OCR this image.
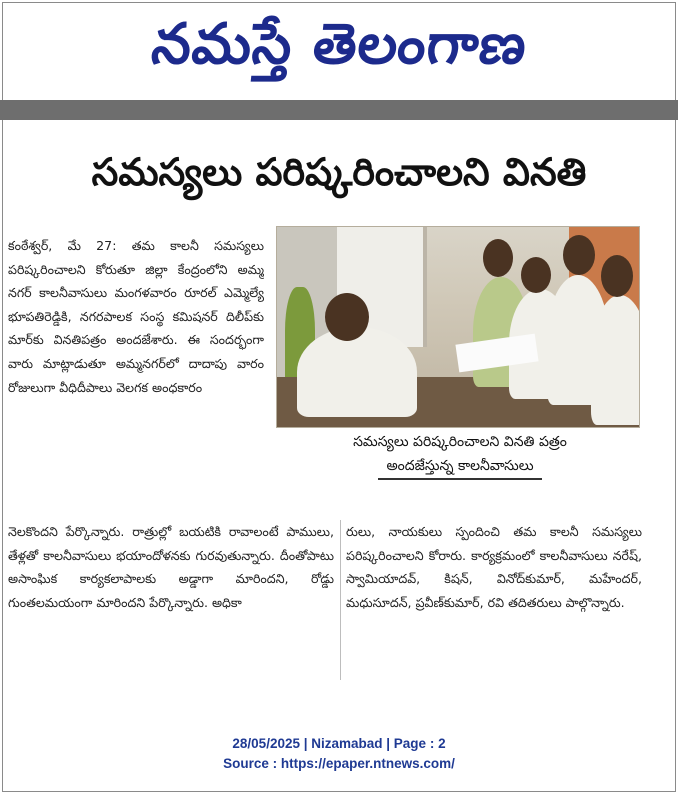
నమస్తే తెలంగాణ
సమస్యలు పరిష్కరించాలని వినతి
కంఠేశ్వర్, మే 27: తమ కాలనీ సమస్యలు పరిష్కరించాలని కోరుతూ జిల్లా కేంద్రంలోని అమ్మ నగర్ కాలనీవాసులు మంగళవారం రూరల్ ఎమ్మెల్యే భూపతిరెడ్డికి, నగరపాలక సంస్థ కమిషనర్ దిలీప్‌కు మార్‌కు వినతిపత్రం అందజేశారు. ఈ సందర్భంగా వారు మాట్లాడుతూ అమ్మనగర్‌లో దాదాపు వారం రోజులుగా వీధిదీపాలు వెలగక అంధకారం
సమస్యలు పరిష్కరించాలని వినతి పత్రం
అందజేస్తున్న కాలనీవాసులు
నెలకొందని పేర్కొన్నారు. రాత్రుల్లో బయటికి రావాలంటే పాములు, తేళ్లతో కాలనీవాసులు భయాందోళనకు గురవుతున్నారు. దీంతోపాటు అసాంఘిక కార్యకలాపాలకు అడ్డాగా మారిందని, రోడ్డు గుంతలమయంగా మారిందని పేర్కొన్నారు. అధికా
రులు, నాయకులు స్పందించి తమ కాలనీ సమస్యలు పరిష్కరించాలని కోరారు. కార్యక్రమంలో కాలనీవాసులు నరేష్, స్వామియాదవ్, కిషన్, వినోద్‌కుమార్, మహేందర్, మధుసూదన్, ప్రవీణ్‌కుమార్, రవి తదితరులు పాల్గొన్నారు.
28/05/2025 | Nizamabad | Page : 2
Source : https://epaper.ntnews.com/
